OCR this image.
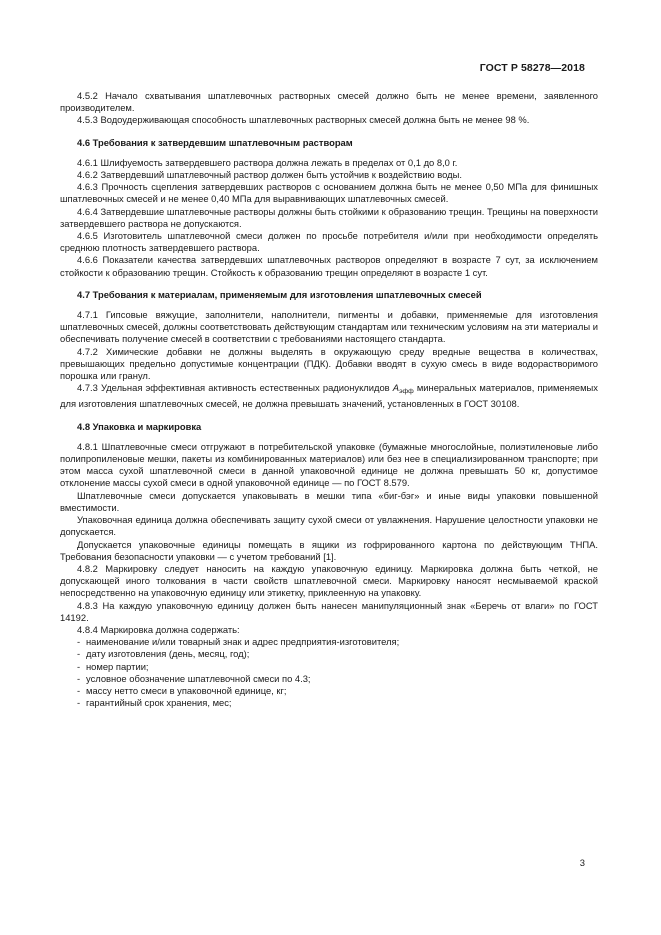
ГОСТ Р 58278—2018

4.5.2 Начало схватывания шпатлевочных растворных смесей должно быть не менее времени, заявленного производителем.

4.5.3 Водоудерживающая способность шпатлевочных растворных смесей должна быть не менее 98 %.

4.6 Требования к затвердевшим шпатлевочным растворам

4.6.1 Шлифуемость затвердевшего раствора должна лежать в пределах от 0,1 до 8,0 г.

4.6.2 Затвердевший шпатлевочный раствор должен быть устойчив к воздействию воды.

4.6.3 Прочность сцепления затвердевших растворов с основанием должна быть не менее 0,50 МПа для финишных шпатлевочных смесей и не менее 0,40 МПа для выравнивающих шпатлевочных смесей.

4.6.4 Затвердевшие шпатлевочные растворы должны быть стойкими к образованию трещин. Трещины на поверхности затвердевшего раствора не допускаются.

4.6.5 Изготовитель шпатлевочной смеси должен по просьбе потребителя и/или при необходимости определять среднюю плотность затвердевшего раствора.

4.6.6 Показатели качества затвердевших шпатлевочных растворов определяют в возрасте 7 сут, за исключением стойкости к образованию трещин. Стойкость к образованию трещин определяют в возрасте 1 сут.

4.7 Требования к материалам, применяемым для изготовления шпатлевочных смесей

4.7.1 Гипсовые вяжущие, заполнители, наполнители, пигменты и добавки, применяемые для изготовления шпатлевочных смесей, должны соответствовать действующим стандартам или техническим условиям на эти материалы и обеспечивать получение смесей в соответствии с требованиями настоящего стандарта.

4.7.2 Химические добавки не должны выделять в окружающую среду вредные вещества в количествах, превышающих предельно допустимые концентрации (ПДК). Добавки вводят в сухую смесь в виде водорастворимого порошка или гранул.

4.7.3 Удельная эффективная активность естественных радионуклидов $А_{эфф}$ минеральных материалов, применяемых для изготовления шпатлевочных смесей, не должна превышать значений, установленных в ГОСТ 30108.

4.8 Упаковка и маркировка

4.8.1 Шпатлевочные смеси отгружают в потребительской упаковке (бумажные многослойные, полиэтиленовые либо полипропиленовые мешки, пакеты из комбинированных материалов) или без нее в специализированном транспорте; при этом масса сухой шпатлевочной смеси в данной упаковочной единице не должна превышать 50 кг, допустимое отклонение массы сухой смеси в одной упаковочной единице — по ГОСТ 8.579.

Шпатлевочные смеси допускается упаковывать в мешки типа «биг-бэг» и иные виды упаковки повышенной вместимости.

Упаковочная единица должна обеспечивать защиту сухой смеси от увлажнения. Нарушение целостности упаковки не допускается.

Допускается упаковочные единицы помещать в ящики из гофрированного картона по действующим ТНПА. Требования безопасности упаковки — с учетом требований [1].

4.8.2 Маркировку следует наносить на каждую упаковочную единицу. Маркировка должна быть четкой, не допускающей иного толкования в части свойств шпатлевочной смеси. Маркировку наносят несмываемой краской непосредственно на упаковочную единицу или этикетку, приклеенную на упаковку.

4.8.3 На каждую упаковочную единицу должен быть нанесен манипуляционный знак «Беречь от влаги» по ГОСТ 14192.

4.8.4 Маркировка должна содержать:

- наименование и/или товарный знак и адрес предприятия-изготовителя;
- дату изготовления (день, месяц, год);
- номер партии;
- условное обозначение шпатлевочной смеси по 4.3;
- массу нетто смеси в упаковочной единице, кг;
- гарантийный срок хранения, мес;
3
